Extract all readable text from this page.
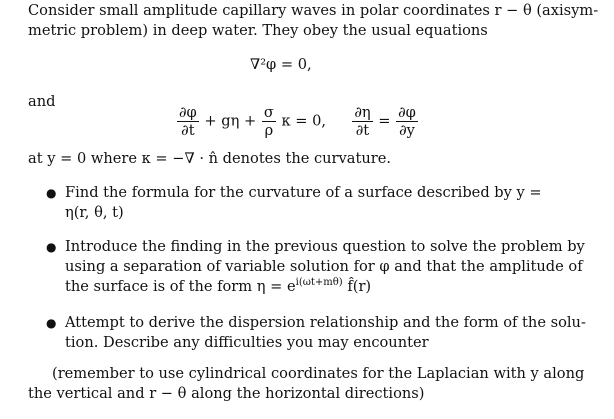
Consider small amplitude capillary waves in polar coordinates r − θ (axisym-
metric problem) in deep water. They obey the usual equations
∇²φ = 0,
and
$\frac{\partial\varphi}{\partial t} + g\eta + \frac{\sigma}{\rho}$ κ = 0, $\frac{\partial\eta}{\partial t} = \frac{\partial\varphi}{\partial y}$
at y = 0 where κ = −∇ · n̂ denotes the curvature.
● Find the formula for the curvature of a surface described by y =
η(r, θ, t)
● Introduce the finding in the previous question to solve the problem by
using a separation of variable solution for φ and that the amplitude of
the surface is of the form $\eta = e^{i(\omega t+m\theta)}$ f̂(r)
● Attempt to derive the dispersion relationship and the form of the solu-
tion. Describe any difficulties you may encounter
(remember to use cylindrical coordinates for the Laplacian with y along
the vertical and r − θ along the horizontal directions)
